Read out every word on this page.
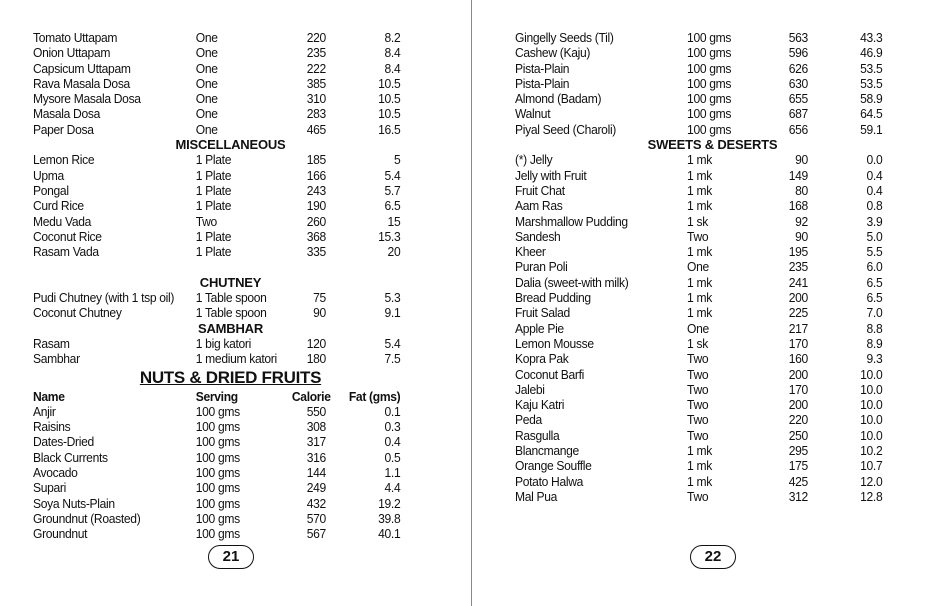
Tomato Uttapam	One	220	8.2
Onion Uttapam	One	235	8.4
Capsicum Uttapam	One	222	8.4
Rava Masala Dosa	One	385	10.5
Mysore Masala Dosa	One	310	10.5
Masala Dosa	One	283	10.5
Paper Dosa	One	465	16.5
MISCELLANEOUS
Lemon Rice	1 Plate	185	5
Upma	1 Plate	166	5.4
Pongal	1 Plate	243	5.7
Curd Rice	1 Plate	190	6.5
Medu Vada	Two	260	15
Coconut Rice	1 Plate	368	15.3
Rasam Vada	1 Plate	335	20
CHUTNEY
Pudi Chutney (with 1 tsp oil) 1 Table spoon	75	5.3
Coconut Chutney	1 Table spoon	90	9.1
SAMBHAR
Rasam	1 big katori	120	5.4
Sambhar	1 medium katori 180	7.5
NUTS & DRIED FRUITS
Name	Serving	Calorie Fat (gms)
Anjir	100 gms	550	0.1
Raisins	100 gms	308	0.3
Dates-Dried	100 gms	317	0.4
Black Currents	100 gms	316	0.5
Avocado	100 gms	144	1.1
Supari	100 gms	249	4.4
Soya Nuts-Plain	100 gms	432	19.2
Groundnut (Roasted)	100 gms	570	39.8
Groundnut	100 gms	567	40.1
21
Gingelly Seeds (Til)	100 gms	563	43.3
Cashew (Kaju)	100 gms	596	46.9
Pista-Plain	100 gms	626	53.5
Pista-Plain	100 gms	630	53.5
Almond (Badam)	100 gms	655	58.9
Walnut	100 gms	687	64.5
Piyal Seed (Charoli)	100 gms	656	59.1
SWEETS & DESERTS
(*) Jelly	1 mk	90	0.0
Jelly with Fruit	1 mk	149	0.4
Fruit Chat	1 mk	80	0.4
Aam Ras	1 mk	168	0.8
Marshmallow Pudding	1 sk	92	3.9
Sandesh	Two	90	5.0
Kheer	1 mk	195	5.5
Puran Poli	One	235	6.0
Dalia (sweet-with milk)	1 mk	241	6.5
Bread Pudding	1 mk	200	6.5
Fruit Salad	1 mk	225	7.0
Apple Pie	One	217	8.8
Lemon Mousse	1 sk	170	8.9
Kopra Pak	Two	160	9.3
Coconut Barfi	Two	200	10.0
Jalebi	Two	170	10.0
Kaju Katri	Two	200	10.0
Peda	Two	220	10.0
Rasgulla	Two	250	10.0
Blancmange	1 mk	295	10.2
Orange Souffle	1 mk	175	10.7
Potato Halwa	1 mk	425	12.0
Mal Pua	Two	312	12.8
22
